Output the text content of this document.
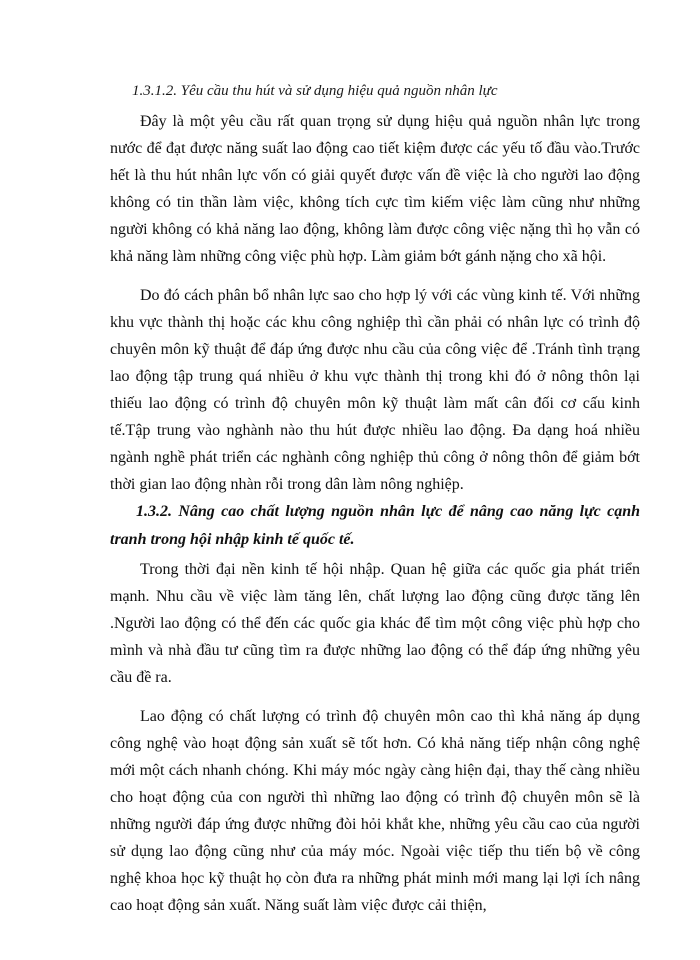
1.3.1.2. Yêu cầu thu hút và sử dụng hiệu quả nguồn nhân lực

Đây là một yêu cầu rất quan trọng sử dụng hiệu quả nguồn nhân lực trong nước để đạt được năng suất lao động cao tiết kiệm được các yếu tố đầu vào.Trước hết là thu hút nhân lực vốn có giải quyết được vấn đề việc là cho người lao động không có tin thần làm việc, không tích cực tìm kiếm việc làm cũng như những người không có khả năng lao động, không làm được công việc nặng thì họ vẫn có khả năng làm những công việc phù hợp. Làm giảm bớt gánh nặng cho xã hội.

Do đó cách phân bổ nhân lực sao cho hợp lý với các vùng kinh tế. Với những khu vực thành thị hoặc các khu công nghiệp thì cần phải có nhân lực có trình độ chuyên môn kỹ thuật để đáp ứng được nhu cầu của công việc để .Tránh tình trạng lao động tập trung quá nhiều ở khu vực thành thị trong khi đó ở nông thôn lại thiếu lao động có trình độ chuyên môn kỹ thuật làm mất cân đối cơ cấu kinh tế.Tập trung vào nghành nào thu hút được nhiều lao động. Đa dạng hoá nhiều ngành nghề phát triển các nghành công nghiệp thủ công ở nông thôn để giảm bớt thời gian lao động nhàn rỗi trong dân làm nông nghiệp.

1.3.2. Nâng cao chất lượng nguồn nhân lực để nâng cao năng lực cạnh tranh trong hội nhập kinh tế quốc tế.

Trong thời đại nền kinh tế hội nhập. Quan hệ giữa các quốc gia phát triển mạnh. Nhu cầu về việc làm tăng lên, chất lượng lao động cũng được tăng lên .Người lao động có thể đến các quốc gia khác để tìm một công việc phù hợp cho mình và nhà đầu tư cũng tìm ra được những lao động có thể đáp ứng những yêu cầu đề ra.

Lao động có chất lượng có trình độ chuyên môn cao thì khả năng áp dụng công nghệ vào hoạt động sản xuất sẽ tốt hơn. Có khả năng tiếp nhận công nghệ mới một cách nhanh chóng. Khi máy móc ngày càng hiện đại, thay thế càng nhiều cho hoạt động của con người thì những lao động có trình độ chuyên môn sẽ là những người đáp ứng được những đòi hỏi khắt khe, những yêu cầu cao của người sử dụng lao động cũng như của máy móc. Ngoài việc tiếp thu tiến bộ về công nghệ khoa học kỹ thuật họ còn đưa ra những phát minh mới mang lại lợi ích nâng cao hoạt động sản xuất. Năng suất làm việc được cải thiện,
